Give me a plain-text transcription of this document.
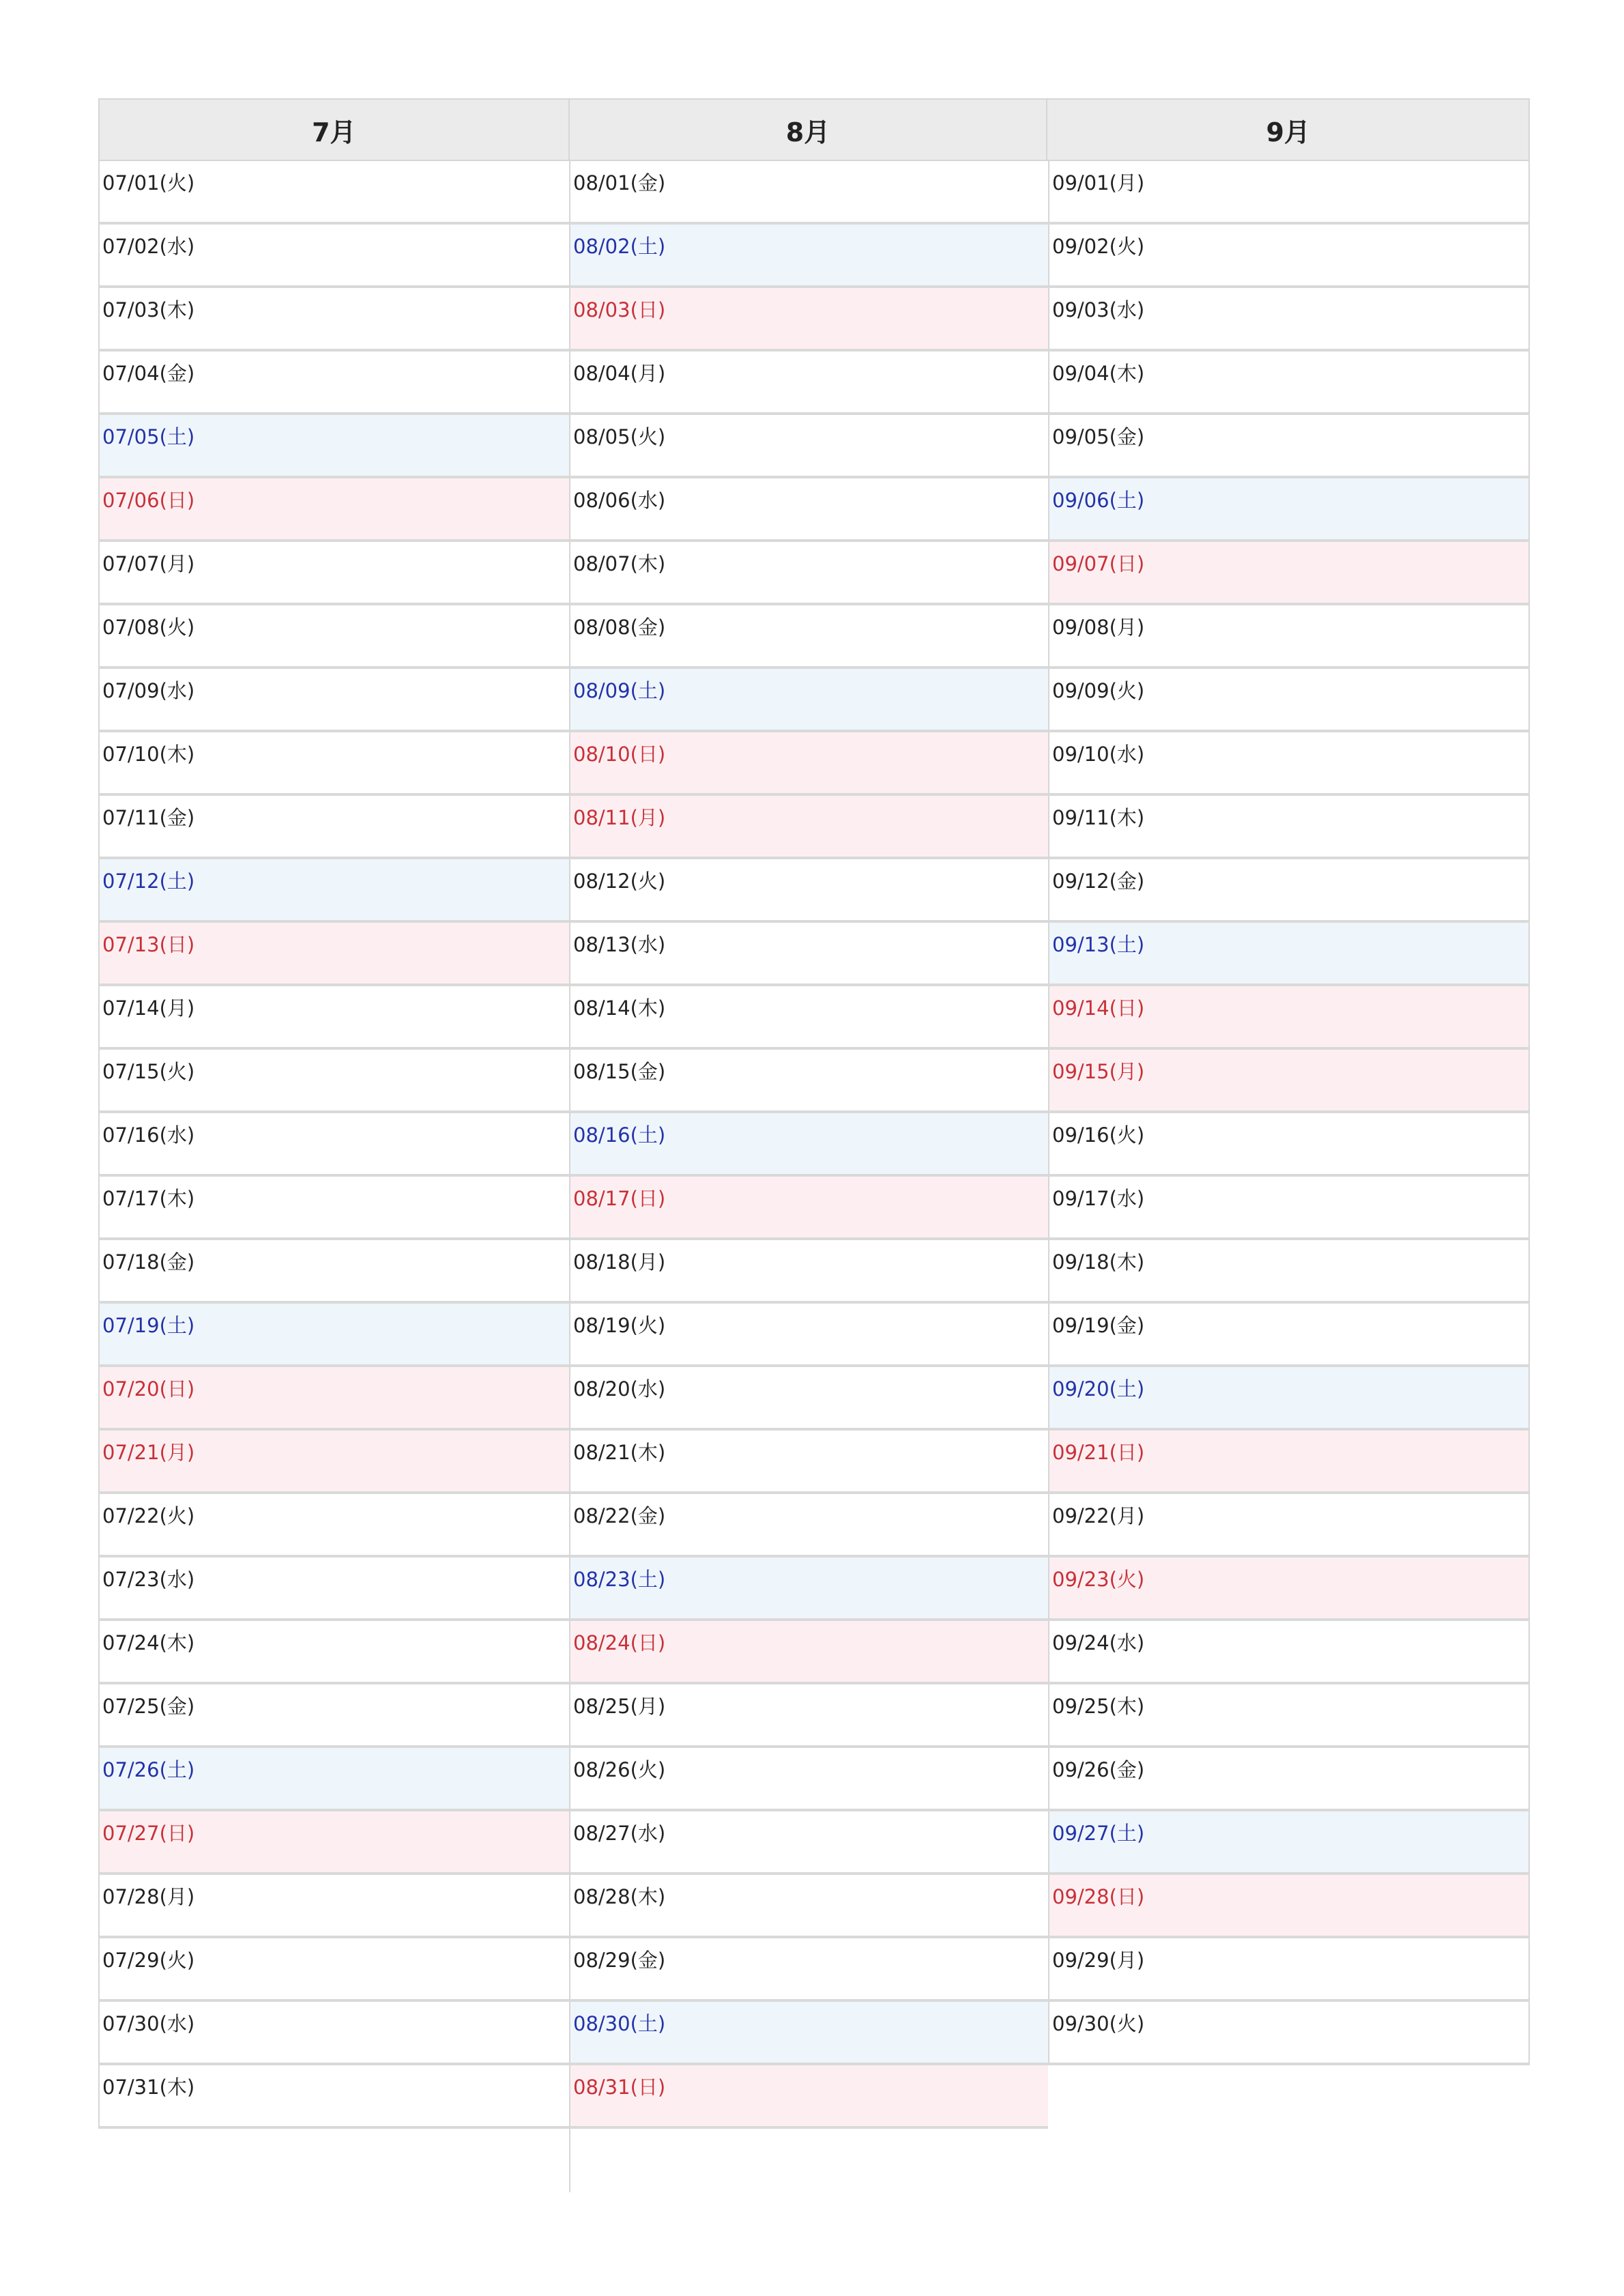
7月	8月	9月
07/01(火)
07/02(水)
07/03(木)
07/04(金)
07/05(土)
07/06(日)
07/07(月)
07/08(火)
07/09(水)
07/10(木)
07/11(金)
07/12(土)
07/13(日)
07/14(月)
07/15(火)
07/16(水)
07/17(木)
07/18(金)
07/19(土)
07/20(日)
07/21(月)
07/22(火)
07/23(水)
07/24(木)
07/25(金)
07/26(土)
07/27(日)
07/28(月)
07/29(火)
07/30(水)
07/31(木)
08/01(金)
08/02(土)
08/03(日)
08/04(月)
08/05(火)
08/06(水)
08/07(木)
08/08(金)
08/09(土)
08/10(日)
08/11(月)
08/12(火)
08/13(水)
08/14(木)
08/15(金)
08/16(土)
08/17(日)
08/18(月)
08/19(火)
08/20(水)
08/21(木)
08/22(金)
08/23(土)
08/24(日)
08/25(月)
08/26(火)
08/27(水)
08/28(木)
08/29(金)
08/30(土)
08/31(日)
09/01(月)
09/02(火)
09/03(水)
09/04(木)
09/05(金)
09/06(土)
09/07(日)
09/08(月)
09/09(火)
09/10(水)
09/11(木)
09/12(金)
09/13(土)
09/14(日)
09/15(月)
09/16(火)
09/17(水)
09/18(木)
09/19(金)
09/20(土)
09/21(日)
09/22(月)
09/23(火)
09/24(水)
09/25(木)
09/26(金)
09/27(土)
09/28(日)
09/29(月)
09/30(火)
